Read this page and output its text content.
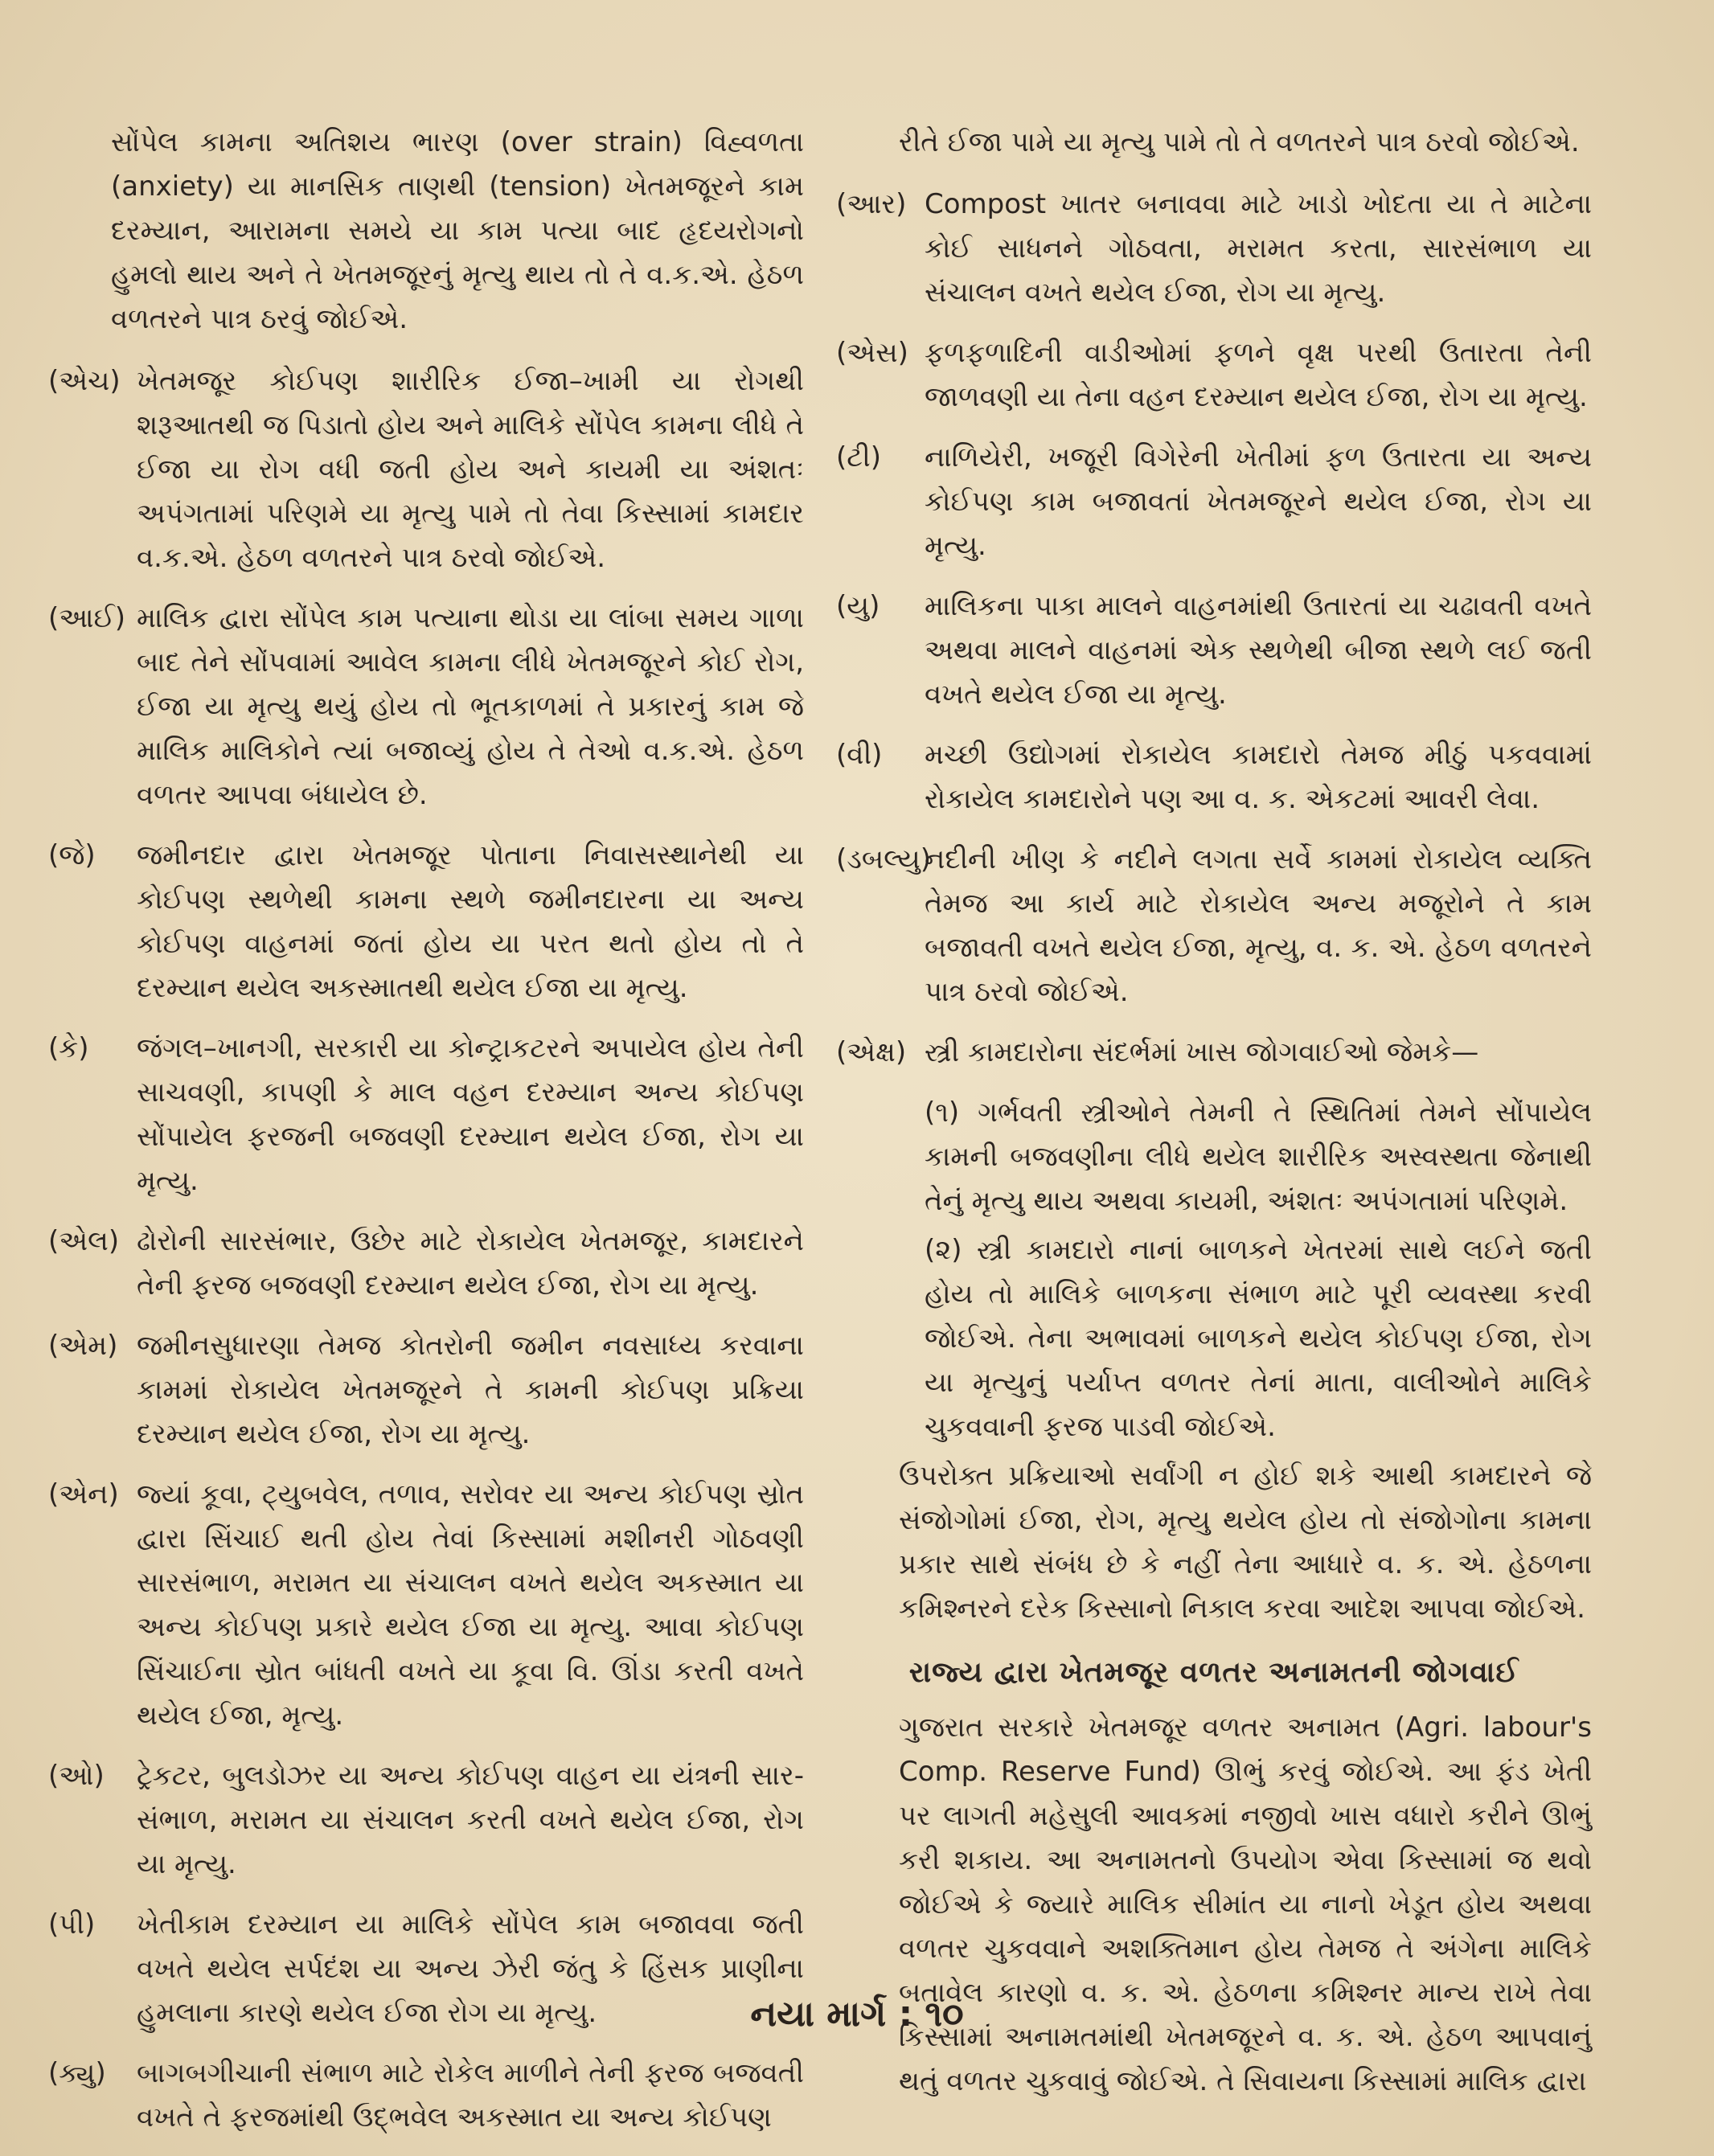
સોંપેલ કામના અતિશય ભારણ (over strain) વિહ્વળતા (anxiety) યા માનસિક તાણથી (tension) ખેતમજૂરને કામ દરમ્યાન, આરામના સમયે યા કામ પત્યા બાદ હૃદયરોગનો હુમલો થાય અને તે ખેતમજૂરનું મૃત્યુ થાય તો તે વ.ક.એ. હેઠળ વળતરને પાત્ર ઠરવું જોઈએ.

(એચ) ખેતમજૂર કોઈપણ શારીરિક ઈજા–ખામી યા રોગથી શરૂઆતથી જ પિડાતો હોય અને માલિકે સોંપેલ કામના લીધે તે ઈજા યા રોગ વધી જતી હોય અને કાયમી યા અંશતઃ અપંગતામાં પરિણમે યા મૃત્યુ પામે તો તેવા કિસ્સામાં કામદાર વ.ક.એ. હેઠળ વળતરને પાત્ર ઠરવો જોઈએ.
(આઈ) માલિક દ્વારા સોંપેલ કામ પત્યાના થોડા યા લાંબા સમય ગાળા બાદ તેને સોંપવામાં આવેલ કામના લીધે ખેતમજૂરને કોઈ રોગ, ઈજા યા મૃત્યુ થયું હોય તો ભૂતકાળમાં તે પ્રકારનું કામ જે માલિક માલિકોને ત્યાં બજાવ્યું હોય તે તેઓ વ.ક.એ. હેઠળ વળતર આપવા બંધાયેલ છે.
(જે)	જમીનદાર દ્વારા ખેતમજૂર પોતાના નિવાસસ્થાનેથી યા કોઈપણ સ્થળેથી કામના સ્થળે જમીનદારના યા અન્ય કોઈપણ વાહનમાં જતાં હોય યા પરત થતો હોય તો તે દરમ્યાન થયેલ અકસ્માતથી થયેલ ઈજા યા મૃત્યુ.
(કે)	જંગલ–ખાનગી, સરકારી યા કોન્ટ્રાકટરને અપાયેલ હોય તેની સાચવણી, કાપણી કે માલ વહન દરમ્યાન અન્ય કોઈપણ સોંપાયેલ ફરજની બજવણી દરમ્યાન થયેલ ઈજા, રોગ યા મૃત્યુ.
(એલ) ઢોરોની સારસંભાર, ઉછેર માટે રોકાયેલ ખેતમજૂર, કામદારને તેની ફરજ બજવણી દરમ્યાન થયેલ ઈજા, રોગ યા મૃત્યુ.
(એમ) જમીનસુધારણા તેમજ કોતરોની જમીન નવસાધ્ય કરવાના કામમાં રોકાયેલ ખેતમજૂરને તે કામની કોઈપણ પ્રક્રિયા દરમ્યાન થયેલ ઈજા, રોગ યા મૃત્યુ.
(એન) જ્યાં કૂવા, ટ્યુબવેલ, તળાવ, સરોવર યા અન્ય કોઈપણ સ્રોત દ્વારા સિંચાઈ થતી હોય તેવાં કિસ્સામાં મશીનરી ગોઠવણી સારસંભાળ, મરામત યા સંચાલન વખતે થયેલ અકસ્માત યા અન્ય કોઈપણ પ્રકારે થયેલ ઈજા યા મૃત્યુ. આવા કોઈપણ સિંચાઈના સ્રોત બાંધતી વખતે યા કૂવા વિ. ઊંડા કરતી વખતે થયેલ ઈજા, મૃત્યુ.
(ઓ)	ટ્રેકટર, બુલડોઝર યા અન્ય કોઈપણ વાહન યા યંત્રની સાર-સંભાળ, મરામત યા સંચાલન કરતી વખતે થયેલ ઈજા, રોગ યા મૃત્યુ.
(પી)	ખેતીકામ દરમ્યાન યા માલિકે સોંપેલ કામ બજાવવા જતી વખતે થયેલ સર્પદંશ યા અન્ય ઝેરી જંતુ કે હિંસક પ્રાણીના હુમલાના કારણે થયેલ ઈજા રોગ યા મૃત્યુ.
(ક્યુ)	બાગબગીચાની સંભાળ માટે રોકેલ માળીને તેની ફરજ બજવતી વખતે તે ફરજમાંથી ઉદ્ભવેલ અકસ્માત યા અન્ય કોઈપણ

રીતે ઈજા પામે યા મૃત્યુ પામે તો તે વળતરને પાત્ર ઠરવો જોઈએ.

(આર) Compost ખાતર બનાવવા માટે ખાડો ખોદતા યા તે માટેના કોઈ સાધનને ગોઠવતા, મરામત કરતા, સારસંભાળ યા સંચાલન વખતે થયેલ ઈજા, રોગ યા મૃત્યુ.
(એસ) ફળફળાદિની વાડીઓમાં ફળને વૃક્ષ પરથી ઉતારતા તેની જાળવણી યા તેના વહન દરમ્યાન થયેલ ઈજા, રોગ યા મૃત્યુ.
(ટી)	નાળિયેરી, ખજૂરી વિગેરેની ખેતીમાં ફળ ઉતારતા યા અન્ય કોઈપણ કામ બજાવતાં ખેતમજૂરને થયેલ ઈજા, રોગ યા મૃત્યુ.
(યુ)	માલિકના પાકા માલને વાહનમાંથી ઉતારતાં યા ચઢાવતી વખતે અથવા માલને વાહનમાં એક સ્થળેથી બીજા સ્થળે લઈ જતી વખતે થયેલ ઈજા યા મૃત્યુ.
(વી)	મચ્છી ઉદ્યોગમાં રોકાયેલ કામદારો તેમજ મીઠું પકવવામાં રોકાયેલ કામદારોને પણ આ વ. ક. એકટમાં આવરી લેવા.
(ડબલ્યુ)
નદીની ખીણ કે નદીને લગતા સર્વે કામમાં રોકાયેલ વ્યક્તિ તેમજ આ કાર્ય માટે રોકાયેલ અન્ય મજૂરોને તે કામ બજાવતી વખતે થયેલ ઈજા, મૃત્યુ, વ. ક. એ. હેઠળ વળતરને પાત્ર ઠરવો જોઈએ.
(એક્ષ) સ્ત્રી કામદારોના સંદર્ભમાં ખાસ જોગવાઈઓ જેમકે—

(૧) ગર્ભવતી સ્ત્રીઓને તેમની તે સ્થિતિમાં તેમને સોંપાયેલ કામની બજવણીના લીધે થયેલ શારીરિક અસ્વસ્થતા જેનાથી તેનું મૃત્યુ થાય અથવા કાયમી, અંશતઃ અપંગતામાં પરિણમે.

(૨) સ્ત્રી કામદારો નાનાં બાળકને ખેતરમાં સાથે લઈને જતી હોય તો માલિકે બાળકના સંભાળ માટે પૂરી વ્યવસ્થા કરવી જોઈએ. તેના અભાવમાં બાળકને થયેલ કોઈપણ ઈજા, રોગ યા મૃત્યુનું પર્યાપ્ત વળતર તેનાં માતા, વાલીઓને માલિકે ચુકવવાની ફરજ પાડવી જોઈએ.

ઉપરોક્ત પ્રક્રિયાઓ સર્વાંગી ન હોઈ શકે આથી કામદારને જે સંજોગોમાં ઈજા, રોગ, મૃત્યુ થયેલ હોય તો સંજોગોના કામના પ્રકાર સાથે સંબંધ છે કે નહીં તેના આધારે વ. ક. એ. હેઠળના કમિશ્નરને દરેક કિસ્સાનો નિકાલ કરવા આદેશ આપવા જોઈએ.

રાજ્ય દ્વારા ખેતમજૂર વળતર અનામતની જોગવાઈ

ગુજરાત સરકારે ખેતમજૂર વળતર અનામત (Agri. labour's Comp. Reserve Fund) ઊભું કરવું જોઈએ. આ ફંડ ખેતી પર લાગતી મહેસુલી આવકમાં નજીવો ખાસ વધારો કરીને ઊભું કરી શકાય. આ અનામતનો ઉપયોગ એવા કિસ્સામાં જ થવો જોઈએ કે જ્યારે માલિક સીમાંત યા નાનો ખેડૂત હોય અથવા વળતર ચુકવવાને અશક્તિમાન હોય તેમજ તે અંગેના માલિકે બતાવેલ કારણો વ. ક. એ. હેઠળના કમિશ્નર માન્ય રાખે તેવા કિસ્સામાં અનામતમાંથી ખેતમજૂરને વ. ક. એ. હેઠળ આપવાનું થતું વળતર ચુકવાવું જોઈએ. તે સિવાયના કિસ્સામાં માલિક દ્વારા

નયા માર્ગ : ૧૦
